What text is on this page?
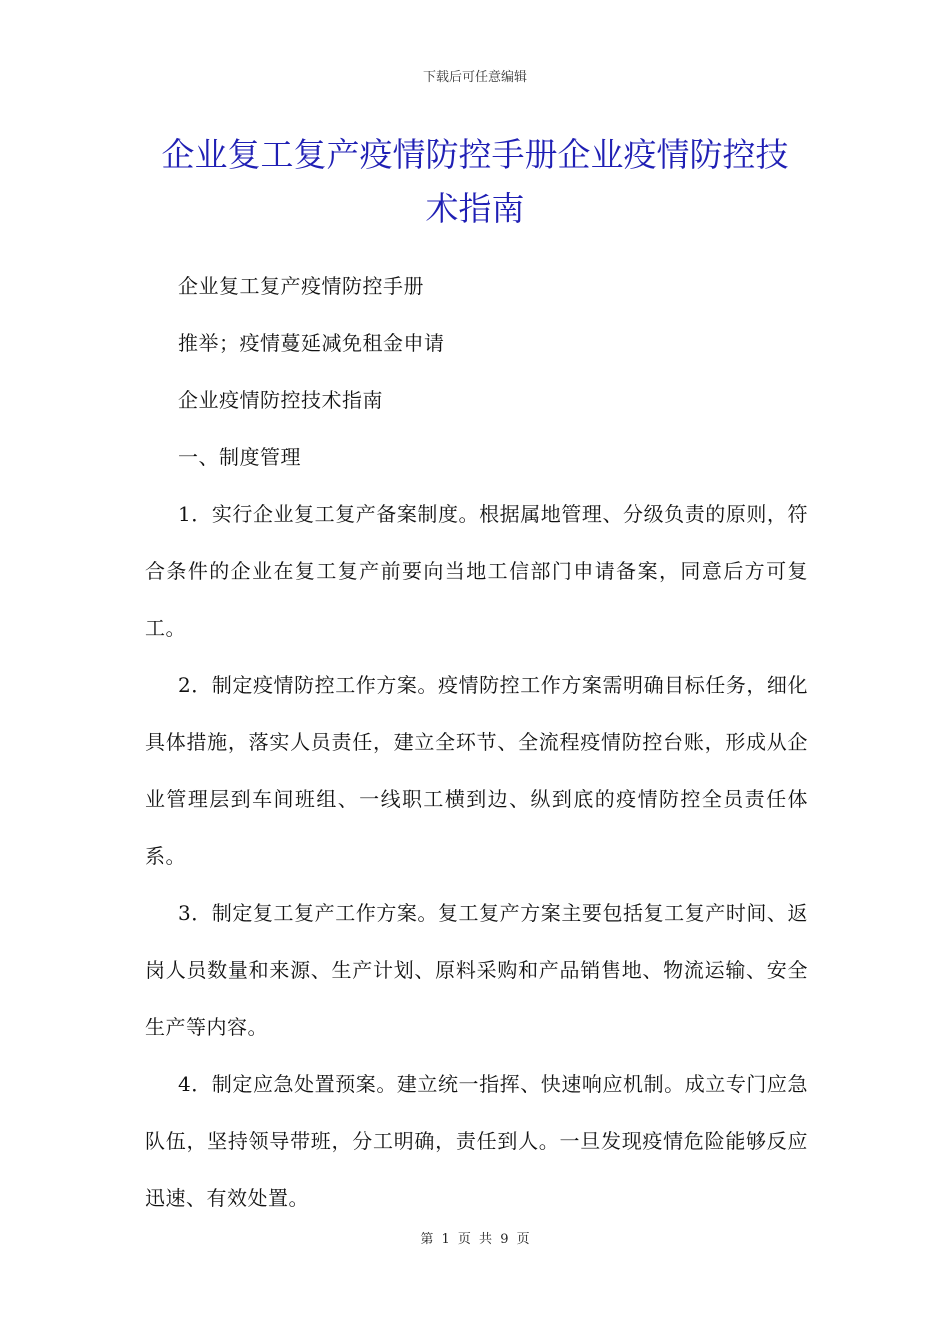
下载后可任意编辑
企业复工复产疫情防控手册企业疫情防控技术指南

企业复工复产疫情防控手册

推举；疫情蔓延减免租金申请

企业疫情防控技术指南

一、制度管理

1．实行企业复工复产备案制度。根据属地管理、分级负责的原则，符合条件的企业在复工复产前要向当地工信部门申请备案，同意后方可复工。

2．制定疫情防控工作方案。疫情防控工作方案需明确目标任务，细化具体措施，落实人员责任，建立全环节、全流程疫情防控台账，形成从企业管理层到车间班组、一线职工横到边、纵到底的疫情防控全员责任体系。

3．制定复工复产工作方案。复工复产方案主要包括复工复产时间、返岗人员数量和来源、生产计划、原料采购和产品销售地、物流运输、安全生产等内容。

4．制定应急处置预案。建立统一指挥、快速响应机制。成立专门应急队伍，坚持领导带班，分工明确，责任到人。一旦发现疫情危险能够反应迅速、有效处置。

第 1 页 共 9 页
